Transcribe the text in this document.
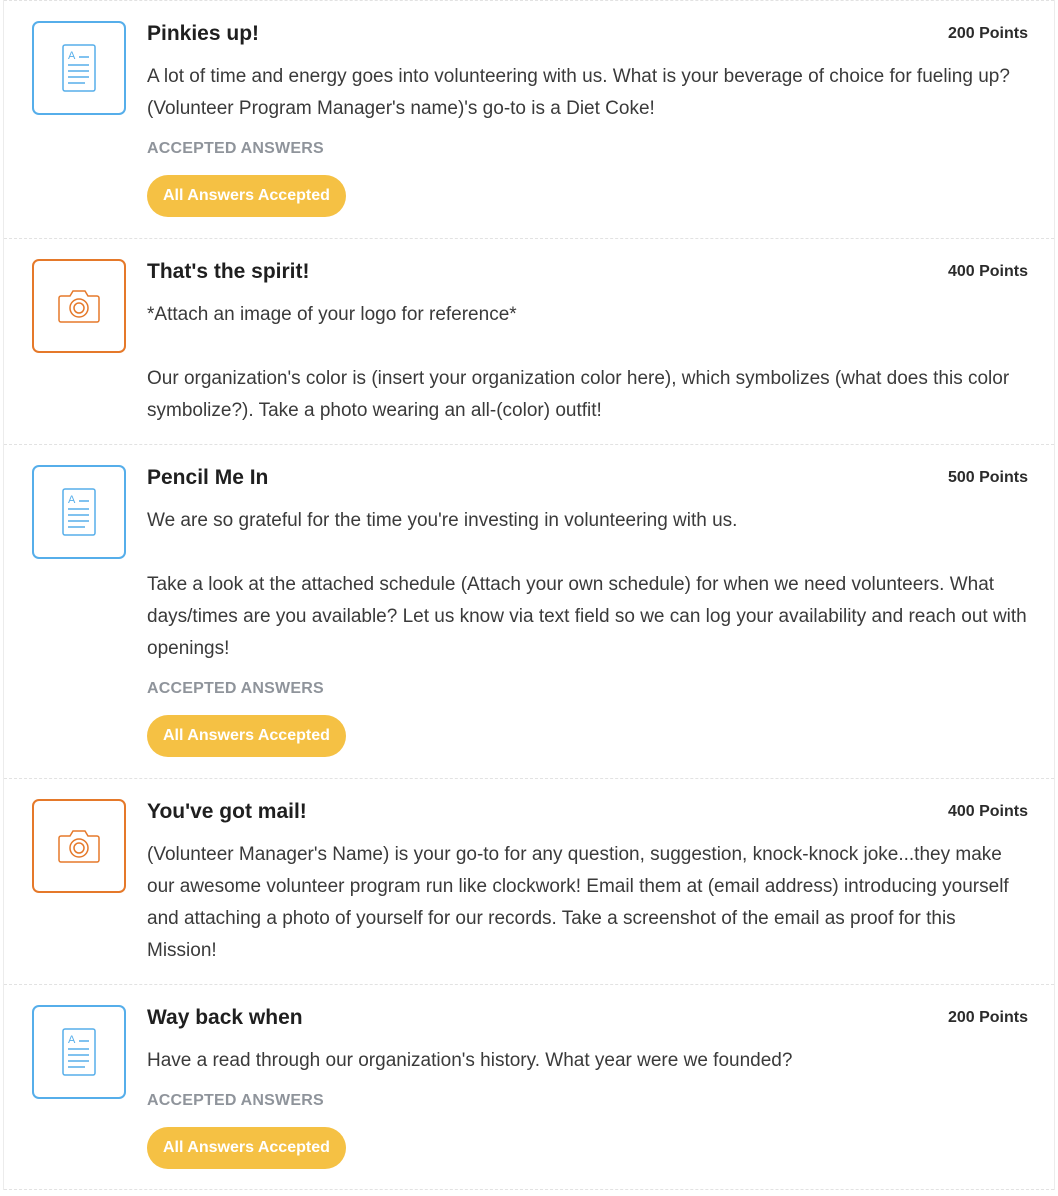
A
Pinkies up!	200 Points

A lot of time and energy goes into volunteering with us. What is your beverage of choice for fueling up? (Volunteer Program Manager's name)'s go-to is a Diet Coke!

ACCEPTED ANSWERS
All Answers Accepted
That's the spirit!	400 Points

*Attach an image of your logo for reference*

Our organization's color is (insert your organization color here), which symbolizes (what does this color symbolize?). Take a photo wearing an all-(color) outfit!

A
Pencil Me In	500 Points

We are so grateful for the time you're investing in volunteering with us.

Take a look at the attached schedule (Attach your own schedule) for when we need volunteers. What days/times are you available? Let us know via text field so we can log your availability and reach out with openings!

ACCEPTED ANSWERS
All Answers Accepted
You've got mail!	400 Points

(Volunteer Manager's Name) is your go-to for any question, suggestion, knock-knock joke...they make our awesome volunteer program run like clockwork! Email them at (email address) introducing yourself and attaching a photo of yourself for our records. Take a screenshot of the email as proof for this Mission!

A
Way back when	200 Points

Have a read through our organization's history. What year were we founded?

ACCEPTED ANSWERS
All Answers Accepted
